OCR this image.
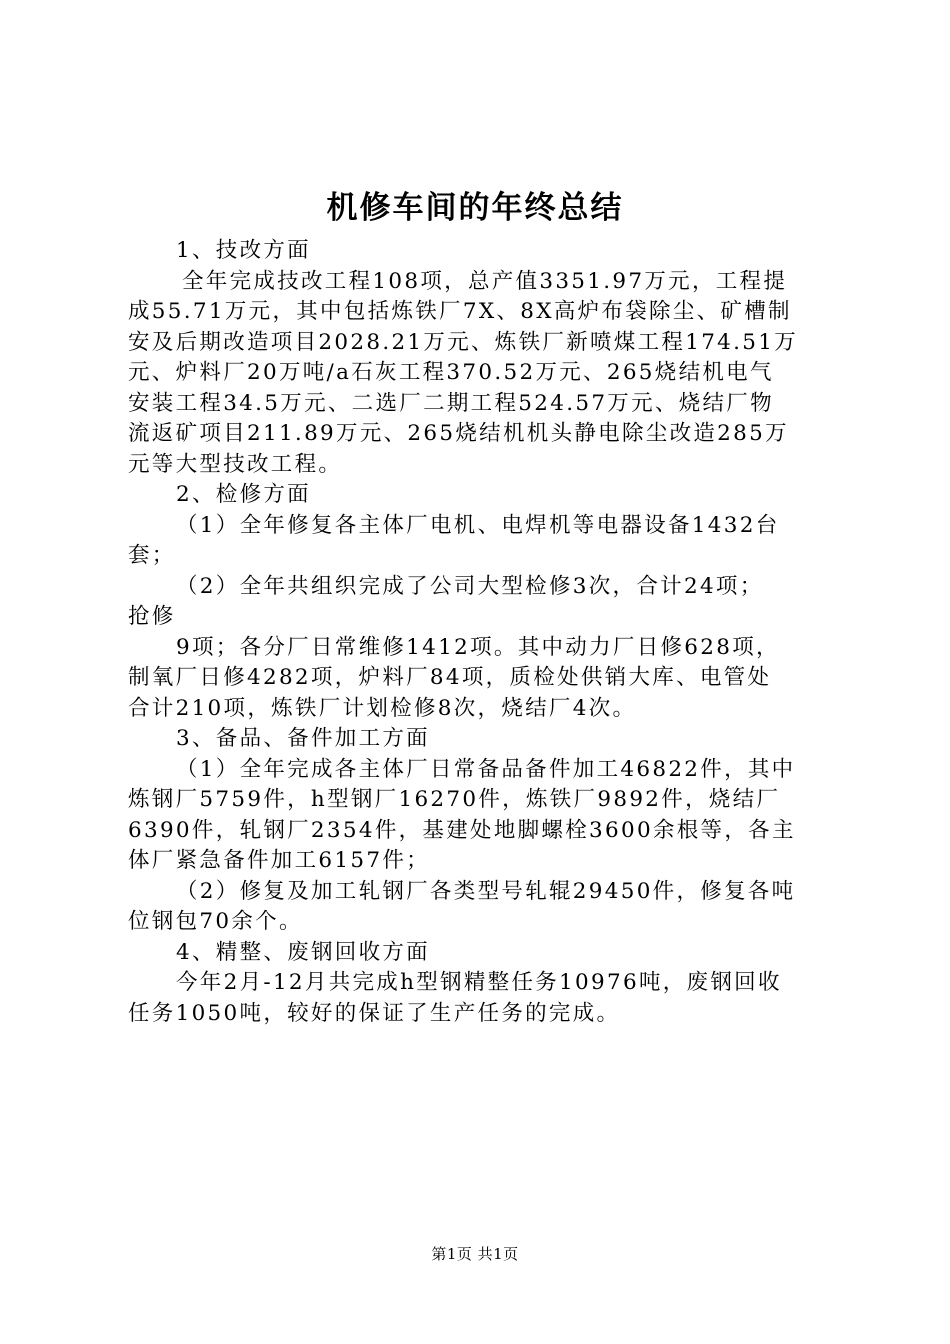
机修车间的年终总结
1、技改方面
全年完成技改工程108项，总产值3351.97万元，工程提
成55.71万元，其中包括炼铁厂7X、8X高炉布袋除尘、矿槽制
安及后期改造项目2028.21万元、炼铁厂新喷煤工程174.51万
元、炉料厂20万吨/a石灰工程370.52万元、265烧结机电气
安装工程34.5万元、二选厂二期工程524.57万元、烧结厂物
流返矿项目211.89万元、265烧结机机头静电除尘改造285万
元等大型技改工程。
2、检修方面
（1）全年修复各主体厂电机、电焊机等电器设备1432台
套；
（2）全年共组织完成了公司大型检修3次，合计24项；
抢修
9项；各分厂日常维修1412项。其中动力厂日修628项，
制氧厂日修4282项，炉料厂84项，质检处供销大库、电管处
合计210项，炼铁厂计划检修8次，烧结厂4次。
3、备品、备件加工方面
（1）全年完成各主体厂日常备品备件加工46822件，其中
炼钢厂5759件，h型钢厂16270件，炼铁厂9892件，烧结厂
6390件，轧钢厂2354件，基建处地脚螺栓3600余根等，各主
体厂紧急备件加工6157件；
（2）修复及加工轧钢厂各类型号轧辊29450件，修复各吨
位钢包70余个。
4、精整、废钢回收方面
今年2月-12月共完成h型钢精整任务10976吨，废钢回收
任务1050吨，较好的保证了生产任务的完成。
第1页 共1页
